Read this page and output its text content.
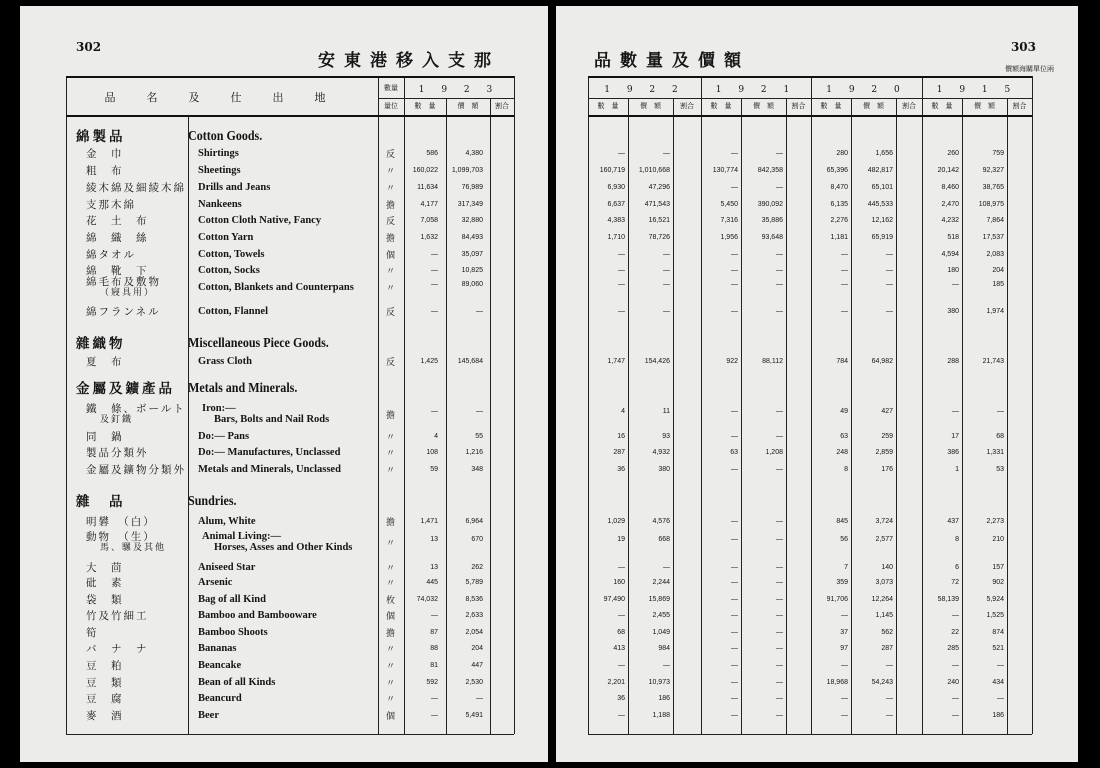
302
安東港移入支那
品　名　及　仕　出　地
數量
量位
1 9 2 3
數　量	價　額	割合
綿製品	Cotton Goods.
金　巾	Shirtings	反	586	4,380
粗　布	Sheetings	〃	160,022	1,099,703
綾木綿及細綾木綿 Drills and Jeans	〃	11,634	76,989
支那木綿	Nankeens	擔	4,177	317,349
花　土　布	Cotton Cloth Native, Fancy	反	7,058	32,880
綿　織　絲	Cotton Yarn	擔	1,632	84,493
綿タオル	Cotton, Towels	個	—	35,097
綿　靴　下	Cotton, Socks	〃	—	10,825
綿毛布及敷物
（寢具用）	Cotton, Blankets and Counterpans	〃	—	89,060
綿フランネル	Cotton, Flannel	反	—	—
雜織物	Miscellaneous Piece Goods.
夏　布	Grass Cloth	反	1,425	145,684
金屬及鑛產品 Metals and Minerals.
鐵　條、ボールト
及釘鐵
Iron:—
Bars, Bolts and Nail Rods	擔	—	—
同　鍋	Do:— Pans	〃	4	55
製品分類外	Do:— Manufactures, Unclassed	〃	108	1,216
金屬及鑛物分類外 Metals and Minerals, Unclassed	〃	59	348
雜　品	Sundries.
明礬　（白）	Alum, White	擔	1,471	6,964
動物　（生）
馬、騾及其他
Animal Living:—
Horses, Asses and Other Kinds	〃	13	670
大　茴	Aniseed Star	〃	13	262
砒　素	Arsenic	〃	445	5,789
袋　類	Bag of all Kind	枚	74,032	8,536
竹及竹細工	Bamboo and Bambooware	個	—	2,633
筍	Bamboo Shoots	擔	87	2,054
バ　ナ　ナ	Bananas	〃	88	204
豆　粕	Beancake	〃	81	447
豆　類	Bean of all Kinds	〃	592	2,530
豆　腐	Beancurd	〃	—	—
麥　酒	Beer	個	—	5,491
303
品數量及價額	價額海關單位兩
1 9 2 2
數　量	價　額	割合
1 9 2 1
數　量	價　額	割合
1 9 2 0
數　量	價　額	割合
1 9 1 5
數　量	價　額	割合
—	—	—	—	280	1,656	260	759
160,719	1,010,668	130,774	842,358	65,396	482,817	20,142	92,327
6,930	47,296	—	—	8,470	65,101	8,460	38,765
6,637	471,543	5,450	390,092	6,135	445,533	2,470	108,975
4,383	16,521	7,316	35,886	2,276	12,162	4,232	7,864
1,710	78,726	1,956	93,648	1,181	65,919	518	17,537
—	—	—	—	—	—	4,594	2,083
—	—	—	—	—	—	180	204
—	—	—	—	—	—	—	185
—	—	—	—	—	—	380	1,974
1,747	154,426	922	88,112	784	64,982	288	21,743
4	11	—	—	49	427	—	—
16	93	—	—	63	259	17	68
287	4,932	63	1,208	248	2,859	386	1,331
36	380	—	—	8	176	1	53
1,029	4,576	—	—	845	3,724	437	2,273
19	668	—	—	56	2,577	8	210
—	—	—	—	7	140	6	157
160	2,244	—	—	359	3,073	72	902
97,490	15,869	—	—	91,706	12,264	58,139	5,924
—	2,455	—	—	—	1,145	—	1,525
68	1,049	—	—	37	562	22	874
413	984	—	—	97	287	285	521
—	—	—	—	—	—	—	—
2,201	10,973	—	—	18,968	54,243	240	434
36	186	—	—	—	—	—	—
—	1,188	—	—	—	—	—	186
